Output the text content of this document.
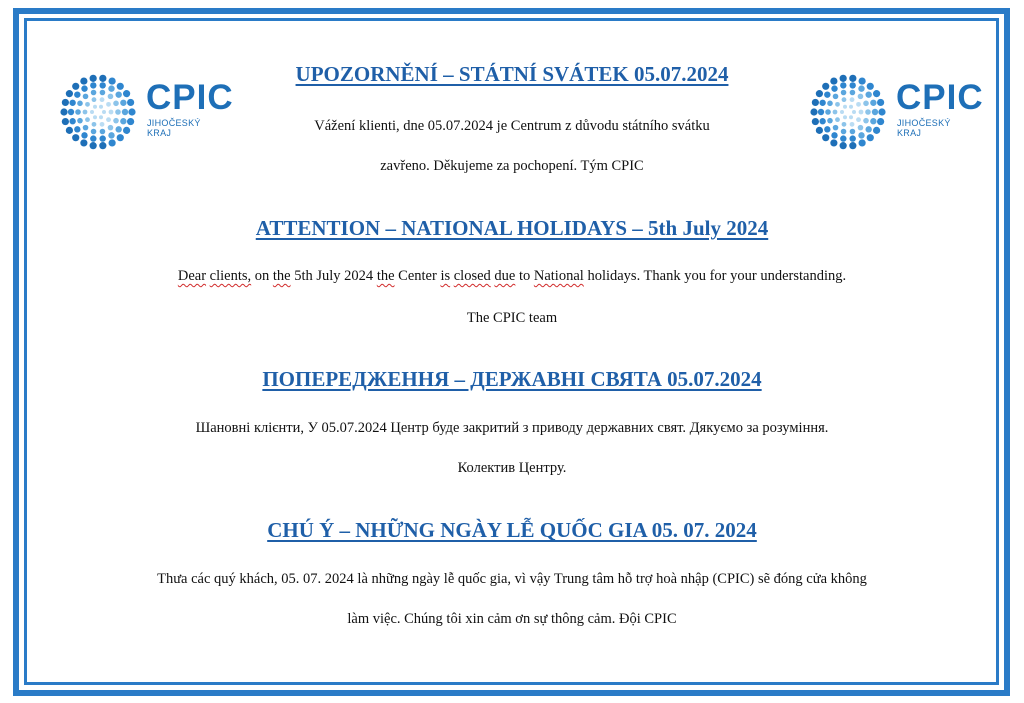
CPIC
JIHOČESKÝ
KRAJ
CPIC
JIHOČESKÝ
KRAJ
UPOZORNĚNÍ – STÁTNÍ SVÁTEK 05.07.2024
Vážení klienti, dne 05.07.2024 je Centrum z důvodu státního svátku
zavřeno. Děkujeme za pochopení. Tým CPIC
ATTENTION – NATIONAL HOLIDAYS – 5th July 2024
Dear clients, on the 5th July 2024 the Center is closed due to National holidays. Thank you for your understanding.
The CPIC team
ПОПЕРЕДЖЕННЯ – ДЕРЖАВНІ СВЯТА 05.07.2024
Шановні клієнти, У 05.07.2024 Центр буде закритий з приводу державних свят. Дякуємо за розуміння.
Колектив Центру.
CHÚ Ý – NHỮNG NGÀY LỄ QUỐC GIA 05. 07. 2024
Thưa các quý khách, 05. 07. 2024 là những ngày lễ quốc gia, vì vậy Trung tâm hỗ trợ hoà nhập (CPIC) sẽ đóng cửa không
làm việc. Chúng tôi xin cảm ơn sự thông cảm. Đội CPIC
